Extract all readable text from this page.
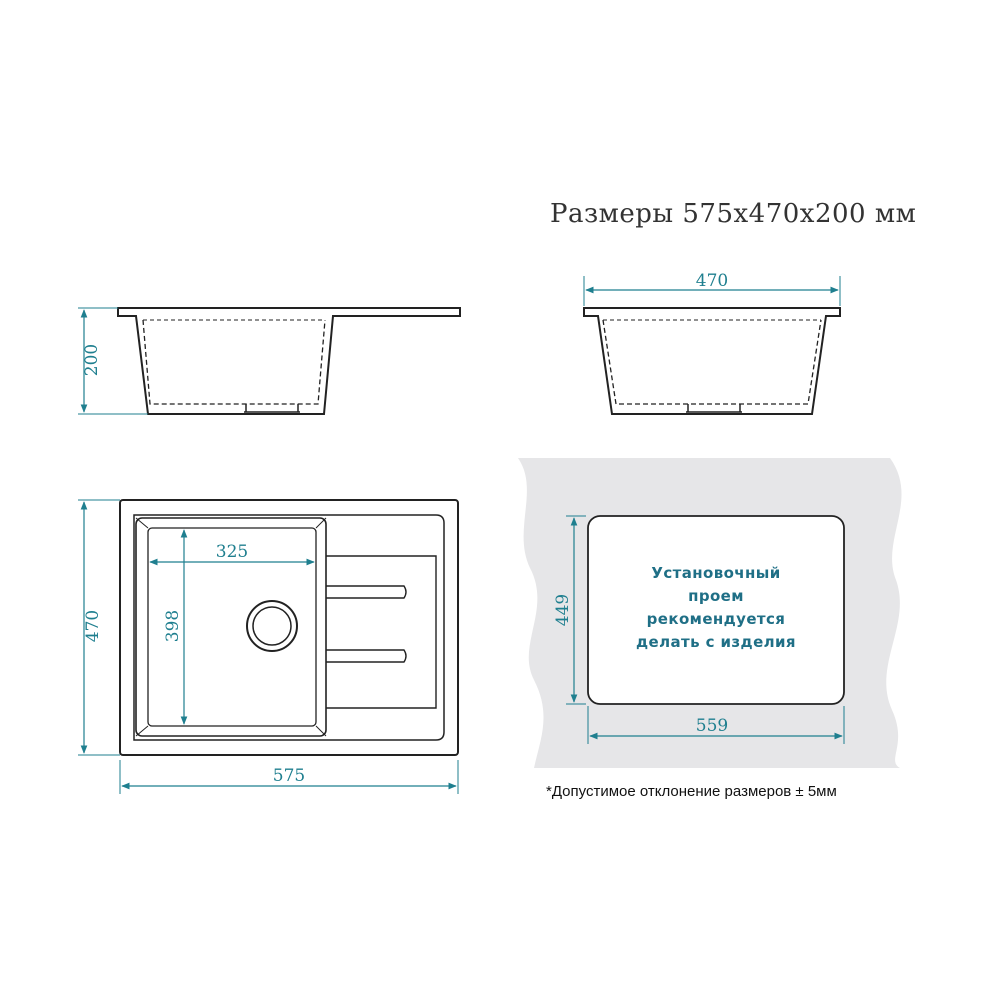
Размеры 575х470х200 мм
200
470
325
398
470
575
Установочный
проем
рекомендуется
делать с изделия
449
559
*Допустимое отклонение размеров ± 5мм
